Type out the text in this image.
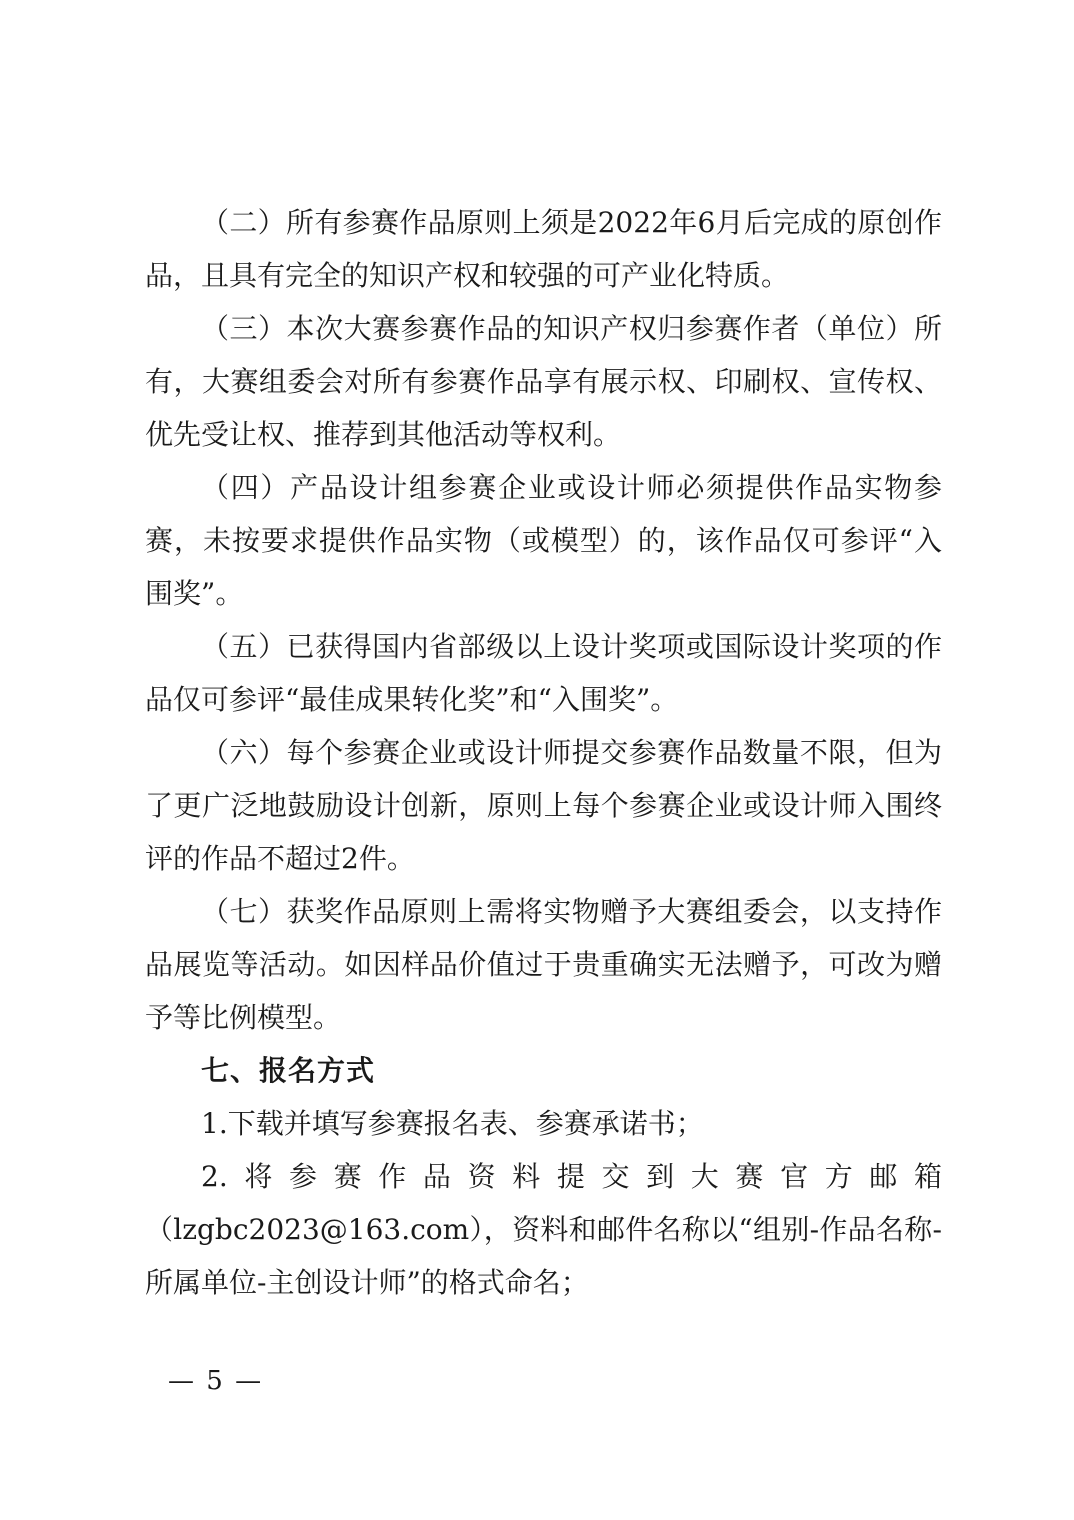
（二）所有参赛作品原则上须是2022年6月后完成的原创作品，且具有完全的知识产权和较强的可产业化特质。

（三）本次大赛参赛作品的知识产权归参赛作者（单位）所有，大赛组委会对所有参赛作品享有展示权、印刷权、宣传权、优先受让权、推荐到其他活动等权利。

（四）产品设计组参赛企业或设计师必须提供作品实物参赛，未按要求提供作品实物（或模型）的，该作品仅可参评“入围奖”。

（五）已获得国内省部级以上设计奖项或国际设计奖项的作品仅可参评“最佳成果转化奖”和“入围奖”。

（六）每个参赛企业或设计师提交参赛作品数量不限，但为了更广泛地鼓励设计创新，原则上每个参赛企业或设计师入围终评的作品不超过2件。

（七）获奖作品原则上需将实物赠予大赛组委会，以支持作品展览等活动。如因样品价值过于贵重确实无法赠予，可改为赠予等比例模型。

七、报名方式

1.下载并填写参赛报名表、参赛承诺书；

2.将参赛作品资料提交到大赛官方邮箱

（lzgbc2023@163.com），资料和邮件名称以“组别-作品名称-所属单位-主创设计师”的格式命名；

— 5 —
